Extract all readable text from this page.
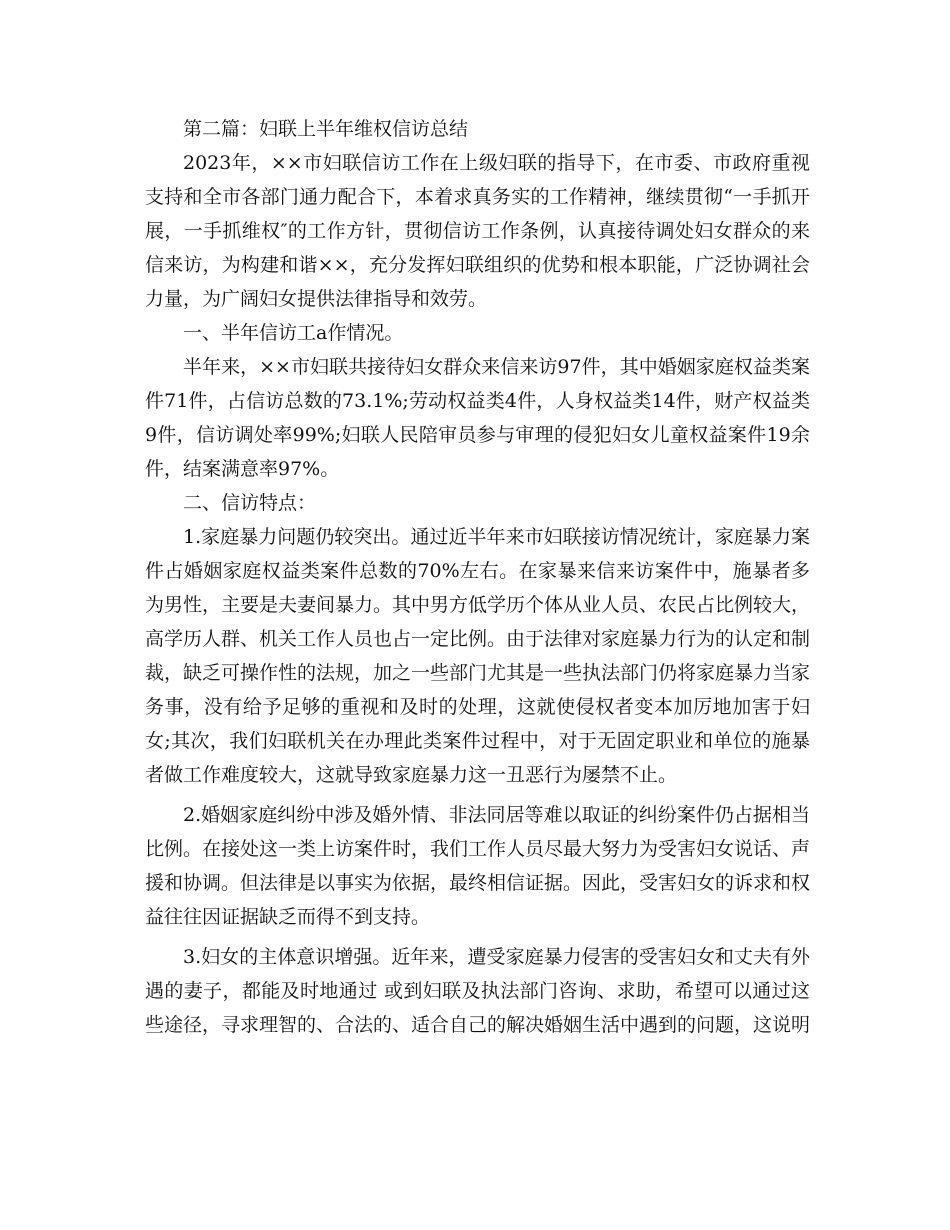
第二篇：妇联上半年维权信访总结

2023年，××市妇联信访工作在上级妇联的指导下，在市委、市政府重视支持和全市各部门通力配合下，本着求真务实的工作精神，继续贯彻“一手抓开展，一手抓维权″的工作方针，贯彻信访工作条例，认真接待调处妇女群众的来信来访，为构建和谐××，充分发挥妇联组织的优势和根本职能，广泛协调社会力量，为广阔妇女提供法律指导和效劳。

一、半年信访工a作情况。

半年来，××市妇联共接待妇女群众来信来访97件，其中婚姻家庭权益类案件71件，占信访总数的73.1%;劳动权益类4件，人身权益类14件，财产权益类9件，信访调处率99%;妇联人民陪审员参与审理的侵犯妇女儿童权益案件19余件，结案满意率97%。

二、信访特点：

1.家庭暴力问题仍较突出。通过近半年来市妇联接访情况统计，家庭暴力案件占婚姻家庭权益类案件总数的70%左右。在家暴来信来访案件中，施暴者多为男性，主要是夫妻间暴力。其中男方低学历个体从业人员、农民占比例较大，高学历人群、机关工作人员也占一定比例。由于法律对家庭暴力行为的认定和制裁，缺乏可操作性的法规，加之一些部门尤其是一些执法部门仍将家庭暴力当家务事，没有给予足够的重视和及时的处理，这就使侵权者变本加厉地加害于妇女;其次，我们妇联机关在办理此类案件过程中，对于无固定职业和单位的施暴者做工作难度较大，这就导致家庭暴力这一丑恶行为屡禁不止。

2.婚姻家庭纠纷中涉及婚外情、非法同居等难以取证的纠纷案件仍占据相当比例。在接处这一类上访案件时，我们工作人员尽最大努力为受害妇女说话、声援和协调。但法律是以事实为依据，最终相信证据。因此，受害妇女的诉求和权益往往因证据缺乏而得不到支持。

3.妇女的主体意识增强。近年来，遭受家庭暴力侵害的受害妇女和丈夫有外遇的妻子，都能及时地通过 或到妇联及执法部门咨询、求助，希望可以通过这些途径，寻求理智的、合法的、适合自己的解决婚姻生活中遇到的问题，这说明
